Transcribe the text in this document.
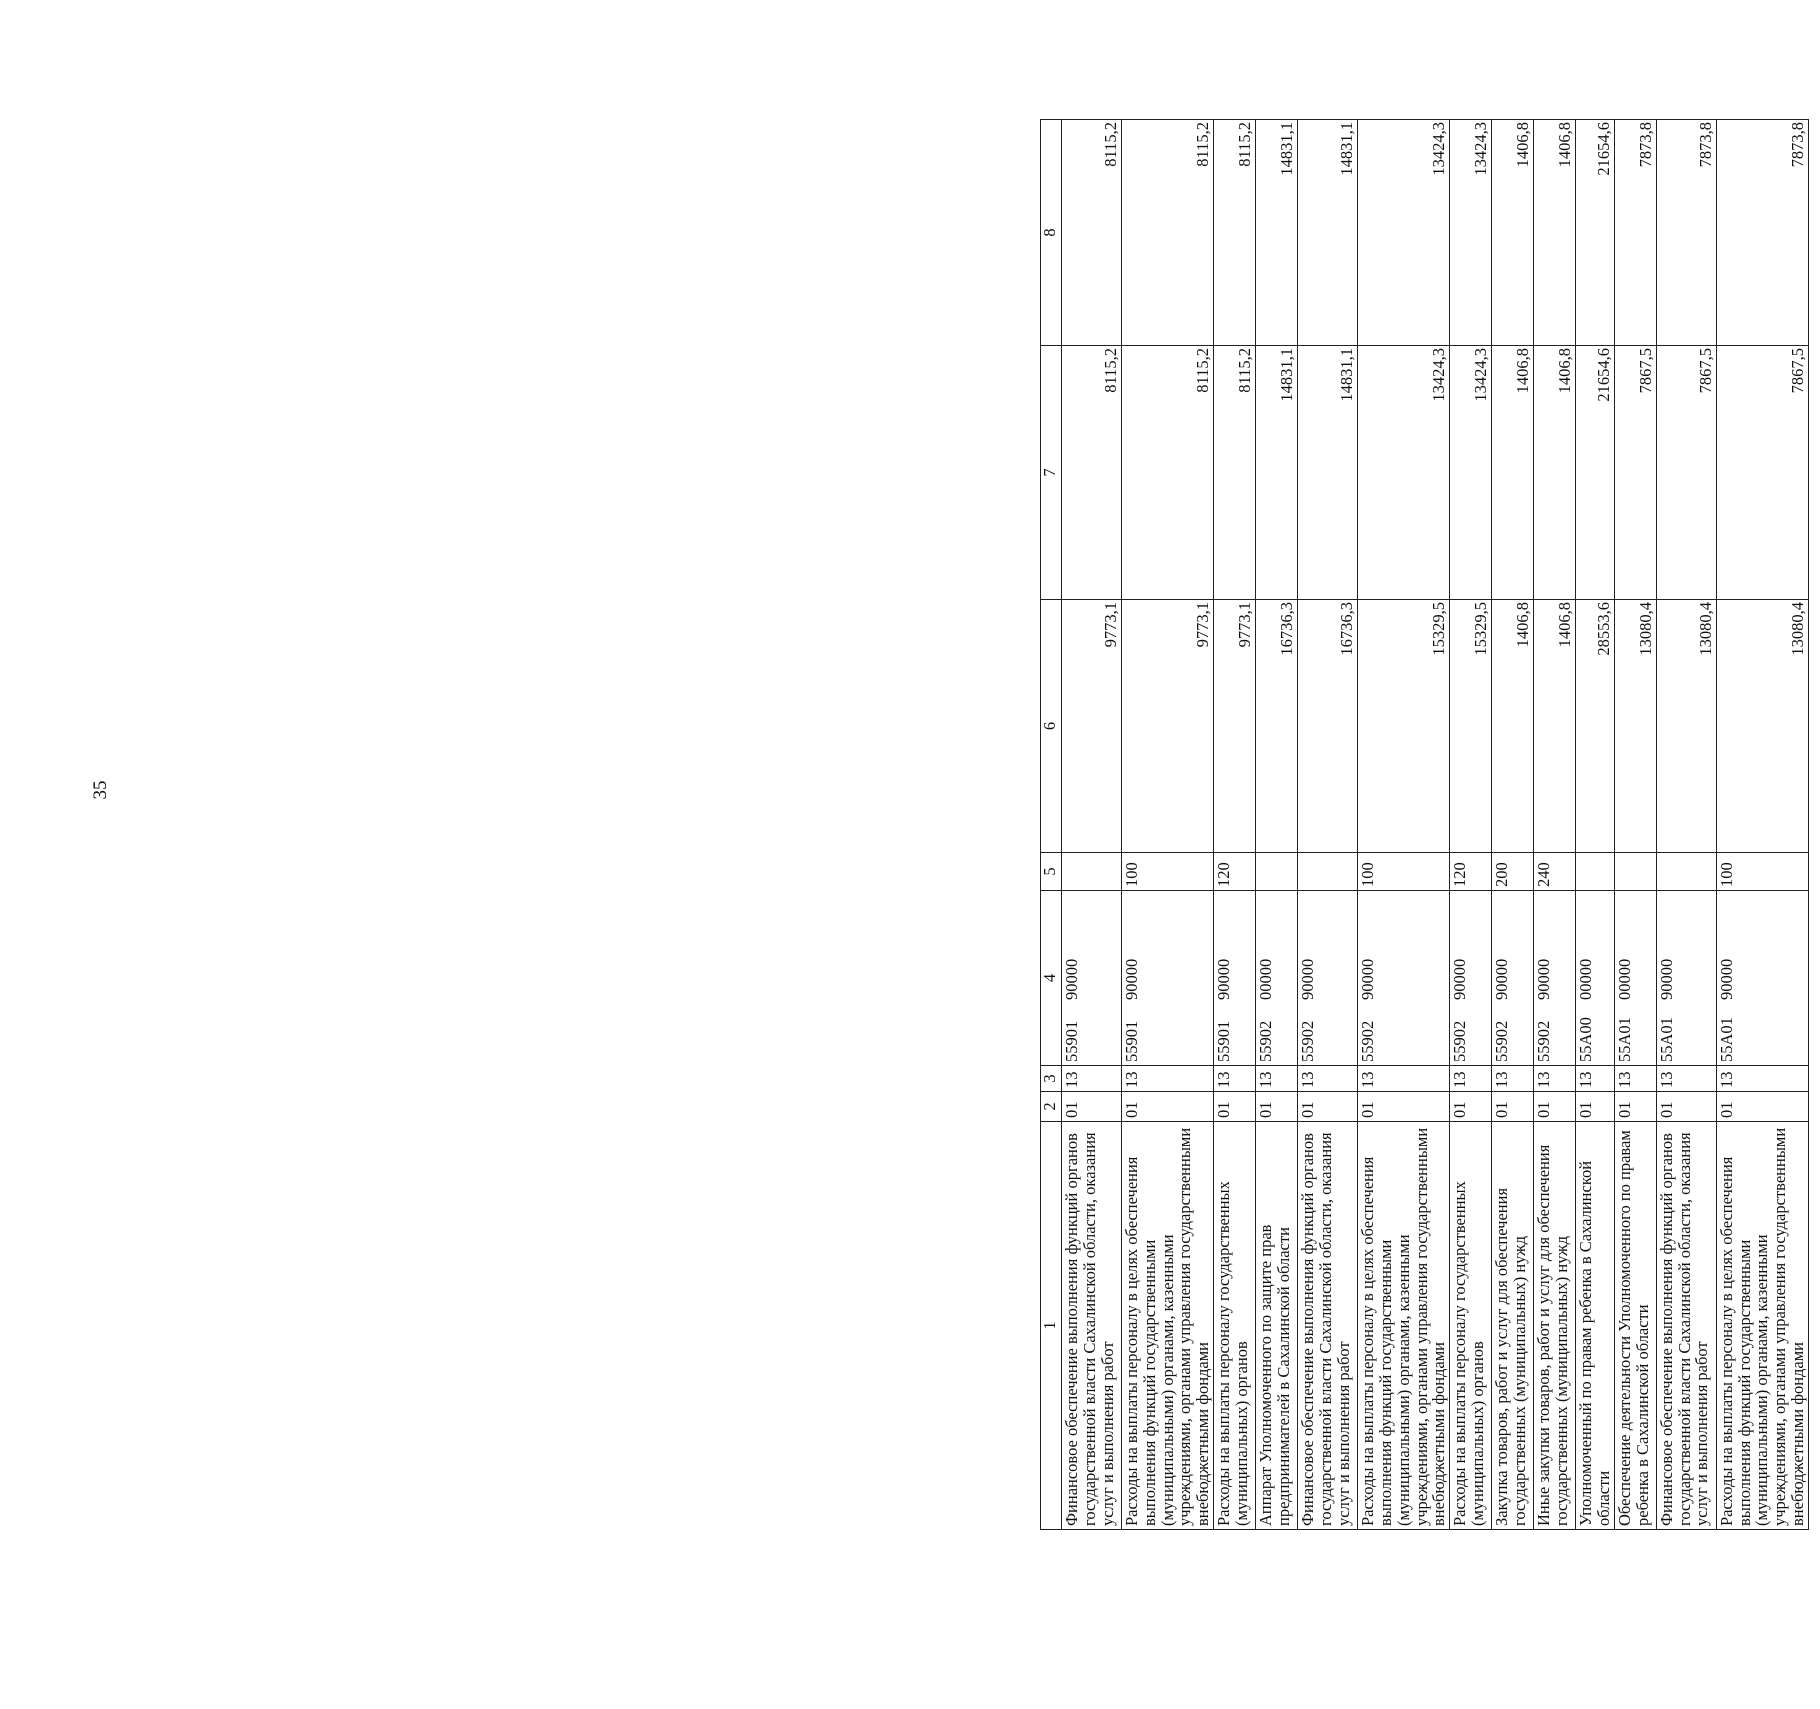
35
1	2	3	4	5	6	7	8
Финансовое обеспечение выполнения функций органов государственной власти Сахалинской области, оказания услуг и выполнения работ	01	13	5590190000		9773,1	8115,2	8115,2
Расходы на выплаты персоналу в целях обеспечения выполнения функций государственными (муниципальными) органами, казенными учреждениями, органами управления государственными внебюджетными фондами	01	13	5590190000	100	9773,1	8115,2	8115,2
Расходы на выплаты персоналу государственных (муниципальных) органов	01	13	5590190000	120	9773,1	8115,2	8115,2
Аппарат Уполномоченного по защите прав предпринимателей в Сахалинской области	01	13	5590200000		16736,3	14831,1	14831,1
Финансовое обеспечение выполнения функций органов государственной власти Сахалинской области, оказания услуг и выполнения работ	01	13	5590290000		16736,3	14831,1	14831,1
Расходы на выплаты персоналу в целях обеспечения выполнения функций государственными (муниципальными) органами, казенными учреждениями, органами управления государственными внебюджетными фондами	01	13	5590290000	100	15329,5	13424,3	13424,3
Расходы на выплаты персоналу государственных (муниципальных) органов	01	13	5590290000	120	15329,5	13424,3	13424,3
Закупка товаров, работ и услуг для обеспечения государственных (муниципальных) нужд	01	13	5590290000	200	1406,8	1406,8	1406,8
Иные закупки товаров, работ и услуг для обеспечения государственных (муниципальных) нужд	01	13	5590290000	240	1406,8	1406,8	1406,8
Уполномоченный по правам ребенка в Сахалинской области	01	13	55A0000000		28553,6	21654,6	21654,6
Обеспечение деятельности Уполномоченного по правам ребенка в Сахалинской области	01	13	55A0100000		13080,4	7867,5	7873,8
Финансовое обеспечение выполнения функций органов государственной власти Сахалинской области, оказания услуг и выполнения работ	01	13	55A0190000		13080,4	7867,5	7873,8
Расходы на выплаты персоналу в целях обеспечения выполнения функций государственными (муниципальными) органами, казенными учреждениями, органами управления государственными внебюджетными фондами	01	13	55A0190000	100	13080,4	7867,5	7873,8
